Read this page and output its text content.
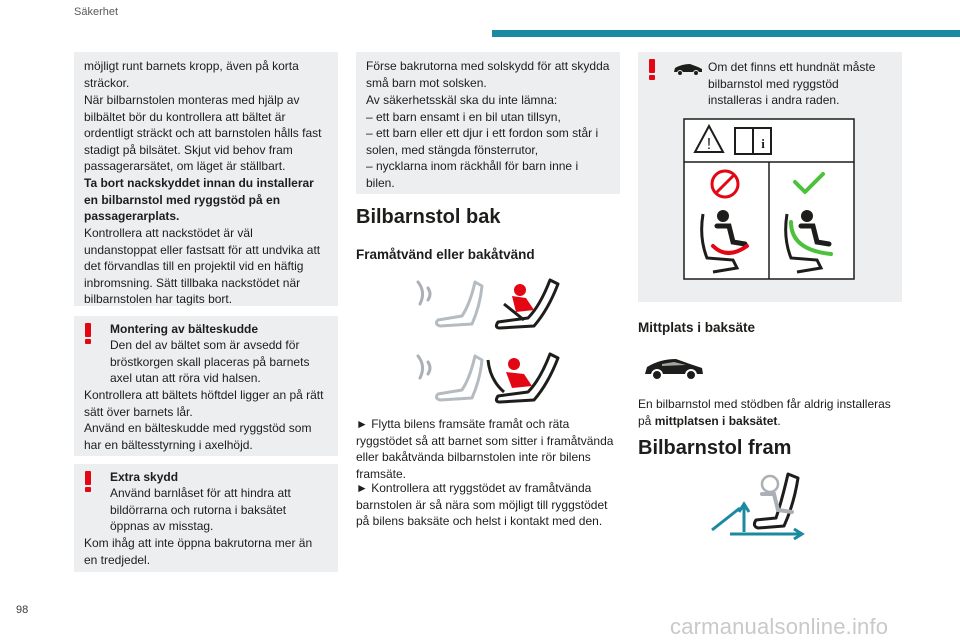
Säkerhet
möjligt runt barnets kropp, även på korta sträckor.
När bilbarnstolen monteras med hjälp av bilbältet bör du kontrollera att bältet är ordentligt sträckt och att barnstolen hålls fast stadigt på bilsätet. Skjut vid behov fram passagerarsätet, om läget är ställbart.
Ta bort nackskyddet innan du installerar en bilbarnstol med ryggstöd på en passagerarplats.
Kontrollera att nackstödet är väl undanstoppat eller fastsatt för att undvika att det förvandlas till en projektil vid en häftig inbromsning. Sätt tillbaka nackstödet när bilbarnstolen har tagits bort.
Montering av bälteskudde
Den del av bältet som är avsedd för bröstkorgen skall placeras på barnets axel utan att röra vid halsen.
Kontrollera att bältets höftdel ligger an på rätt sätt över barnets lår.
Använd en bälteskudde med ryggstöd som har en bältesstyrning i axelhöjd.
Extra skydd
Använd barnlåset för att hindra att bildörrarna och rutorna i baksätet öppnas av misstag.
Kom ihåg att inte öppna bakrutorna mer än en tredjedel.
Förse bakrutorna med solskydd för att skydda små barn mot solsken.
Av säkerhetsskäl ska du inte lämna:
– ett barn ensamt i en bil utan tillsyn,
– ett barn eller ett djur i ett fordon som står i solen, med stängda fönsterrutor,
– nycklarna inom räckhåll för barn inne i bilen.
Bilbarnstol bak
Framåtvänd eller bakåtvänd
► Flytta bilens framsäte framåt och räta ryggstödet så att barnet som sitter i framåtvända eller bakåtvända bilbarnstolen inte rör bilens framsäte.
► Kontrollera att ryggstödet av framåtvända barnstolen är så nära som möjligt till ryggstödet på bilens baksäte och helst i kontakt med den.
Om det finns ett hundnät måste bilbarnstol med ryggstöd installeras i andra raden.
!	i
Mittplats i baksäte
En bilbarnstol med stödben får aldrig installeras på mittplatsen i baksätet.
Bilbarnstol fram
98
carmanualsonline.info
